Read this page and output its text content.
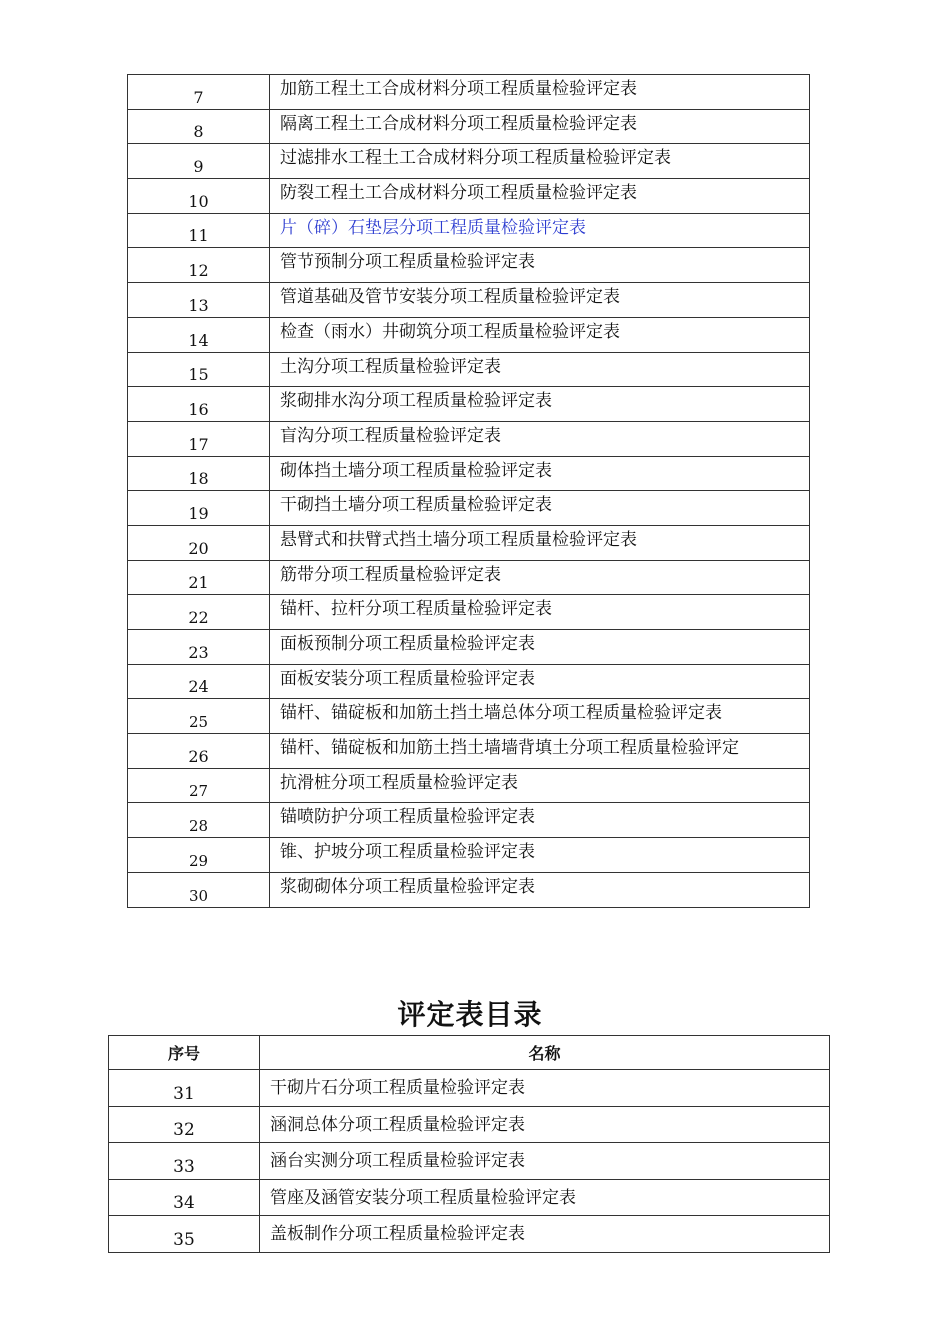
7	加筋工程土工合成材料分项工程质量检验评定表
8	隔离工程土工合成材料分项工程质量检验评定表
9	过滤排水工程土工合成材料分项工程质量检验评定表
10	防裂工程土工合成材料分项工程质量检验评定表
11	片（碎）石垫层分项工程质量检验评定表
12	管节预制分项工程质量检验评定表
13	管道基础及管节安装分项工程质量检验评定表
14	检查（雨水）井砌筑分项工程质量检验评定表
15	土沟分项工程质量检验评定表
16	浆砌排水沟分项工程质量检验评定表
17	盲沟分项工程质量检验评定表
18	砌体挡土墙分项工程质量检验评定表
19	干砌挡土墙分项工程质量检验评定表
20	悬臂式和扶臂式挡土墙分项工程质量检验评定表
21	筋带分项工程质量检验评定表
22	锚杆、拉杆分项工程质量检验评定表
23	面板预制分项工程质量检验评定表
24	面板安装分项工程质量检验评定表
25	锚杆、锚碇板和加筋土挡土墙总体分项工程质量检验评定表
26	锚杆、锚碇板和加筋土挡土墙墙背填土分项工程质量检验评定
27	抗滑桩分项工程质量检验评定表
28	锚喷防护分项工程质量检验评定表
29	锥、护坡分项工程质量检验评定表
30	浆砌砌体分项工程质量检验评定表
评定表目录
序号	名称
31	干砌片石分项工程质量检验评定表
32	涵洞总体分项工程质量检验评定表
33	涵台实测分项工程质量检验评定表
34	管座及涵管安装分项工程质量检验评定表
35	盖板制作分项工程质量检验评定表
